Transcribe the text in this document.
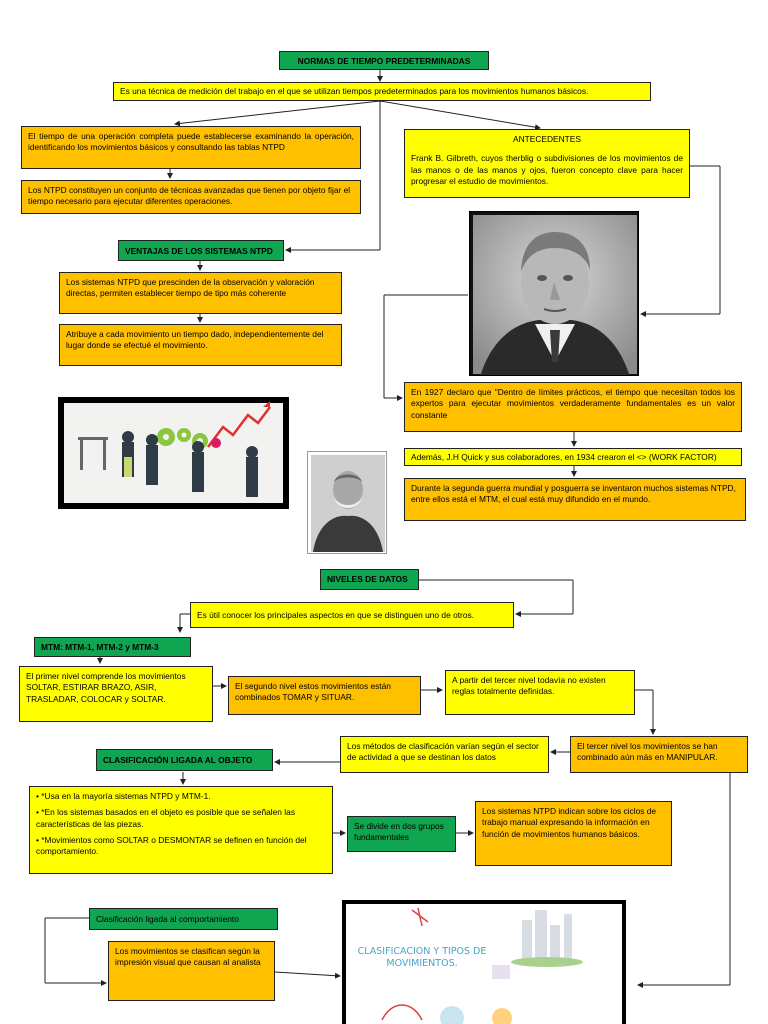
NORMAS DE TIEMPO PREDETERMINADAS
Es una técnica de medición del trabajo en el que se utilizan tiempos predeterminados para los movimientos humanos básicos.
El tiempo de una operación completa puede establecerse examinando la operación, identificando los movimientos básicos y consultando las tablas NTPD
Los NTPD constituyen un conjunto de técnicas avanzadas que tienen por objeto fijar el tiempo necesario para ejecutar diferentes operaciones.
ANTECEDENTES
Frank B. Gilbreth, cuyos therblig o subdivisiones de los movimientos de las manos o de las manos y ojos, fueron concepto clave para hacer progresar el estudio de movimientos.
VENTAJAS DE LOS SISTEMAS NTPD
Los sistemas NTPD que prescinden de la observación y valoración directas, permiten establecer tiempo de tipo más coherente
Atribuye a cada movimiento un tiempo dado, independientemente del lugar donde se efectué el movimiento.
En 1927 declaro que "Dentro de límites prácticos, el tiempo que necesitan todos los expertos para ejecutar movimientos verdaderamente fundamentales es un valor constante
Además, J.H Quick y sus colaboradores, en 1934 crearon el <> (WORK FACTOR)
Durante la segunda guerra mundial y posguerra se inventaron muchos sistemas NTPD, entre ellos está el MTM, el cual está muy difundido en el mundo.
NIVELES DE DATOS
Es útil conocer los principales aspectos en que se distinguen uno de otros.
MTM: MTM-1, MTM-2 y MTM-3
El primer nivel comprende los movimientos SOLTAR, ESTIRAR BRAZO, ASIR, TRASLADAR, COLOCAR y SOLTAR.
El segundo nivel estos movimientos están combinados TOMAR y SITUAR.
A partir del tercer nivel todavía no existen reglas totalmente definidas.
El tercer nivel los movimientos se han combinado aún más en MANIPULAR.
Los métodos de clasificación varían según el sector de actividad a que se destinan los datos
CLASIFICACIÓN LIGADA AL OBJETO
• *Usa en la mayoría sistemas NTPD y MTM-1.
• *En los sistemas basados en el objeto es posible que se señalen las características de las piezas.
• *Movimientos como SOLTAR o DESMONTAR se definen en función del comportamiento.
Se divide en dos grupos fundamentales
Los sistemas NTPD indican sobre los ciclos de trabajo manual expresando la información en función de movimientos humanos básicos.
Clasificación ligada al comportamiento
Los movimientos se clasifican según la impresión visual que causan al analista
CLASIFICACION Y TIPOS DE MOVIMIENTOS.
